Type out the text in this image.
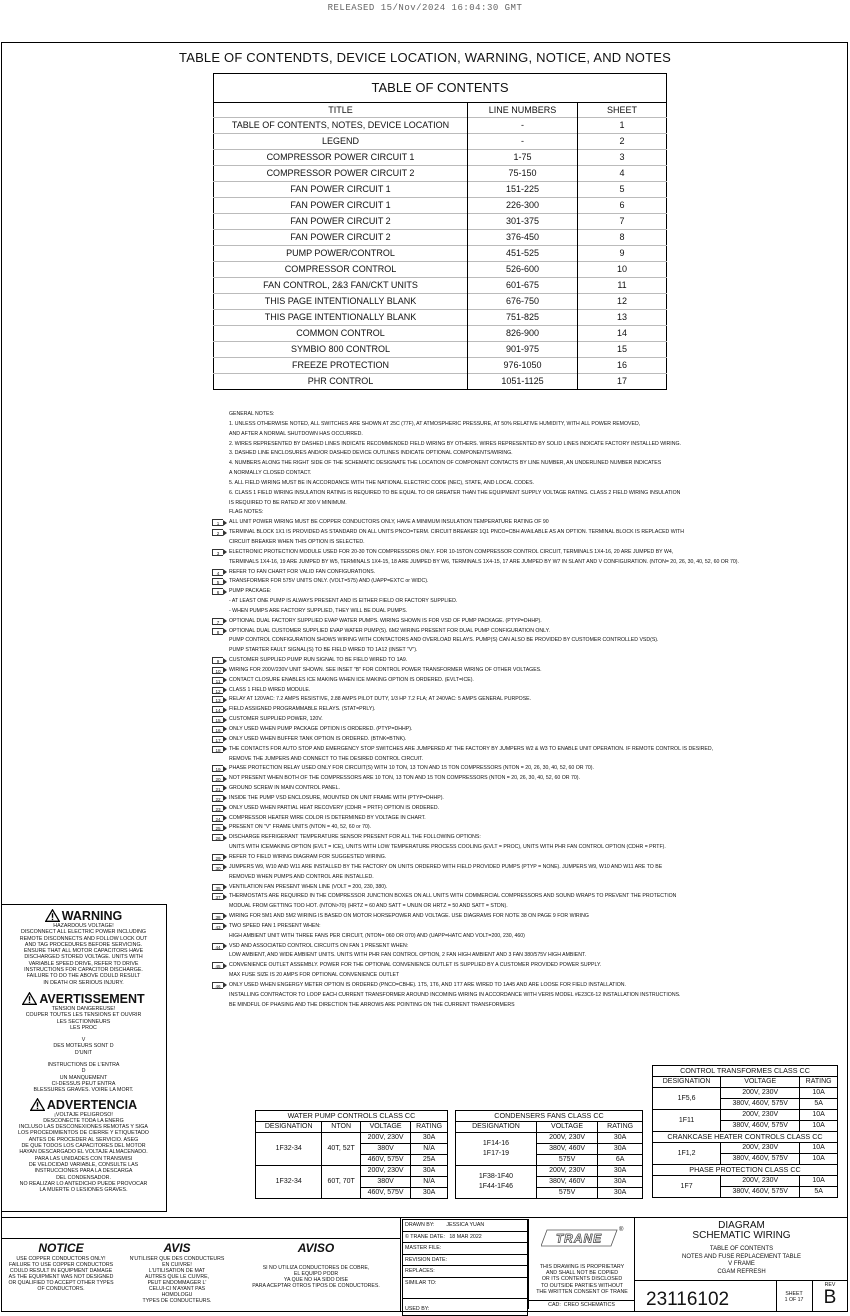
RELEASED 15/Nov/2024 16:04:30 GMT
TABLE OF CONTENDTS, DEVICE LOCATION, WARNING, NOTICE, AND NOTES
TABLE OF CONTENTS		
TITLE	LINE NUMBERS	SHEET
TABLE OF CONTENTS, NOTES, DEVICE LOCATION	-	1
LEGEND	-	2
COMPRESSOR POWER CIRCUIT 1	1-75	3
COMPRESSOR POWER CIRCUIT 2	75-150	4
FAN POWER CIRCUIT 1	151-225	5
FAN POWER CIRCUIT 1	226-300	6
FAN POWER CIRCUIT 2	301-375	7
FAN POWER CIRCUIT 2	376-450	8
PUMP POWER/CONTROL	451-525	9
COMPRESSOR CONTROL	526-600	10
FAN CONTROL, 2&3 FAN/CKT UNITS	601-675	11
THIS PAGE INTENTIONALLY BLANK	676-750	12
THIS PAGE INTENTIONALLY BLANK	751-825	13
COMMON CONTROL	826-900	14
SYMBIO 800 CONTROL	901-975	15
FREEZE PROTECTION	976-1050	16
PHR CONTROL	1051-1125	17
GENERAL NOTES:
1. UNLESS OTHERWISE NOTED, ALL SWITCHES ARE SHOWN AT 25C (77F), AT ATMOSPHERIC PRESSURE, AT 50% RELATIVE HUMIDITY, WITH ALL POWER REMOVED,
AND AFTER A NORMAL SHUTDOWN HAS OCCURRED.
2. WIRES REPRESENTED BY DASHED LINES INDICATE RECOMMENDED FIELD WIRING BY OTHERS. WIRES REPRESENTED BY SOLID LINES INDICATE FACTORY INSTALLED WIRING.
3. DASHED LINE ENCLOSURES AND/OR DASHED DEVICE OUTLINES INDICATE OPTIONAL COMPONENTS/WIRING.
4. NUMBERS ALONG THE RIGHT SIDE OF THE SCHEMATIC DESIGNATE THE LOCATION OF COMPONENT CONTACTS BY LINE NUMBER, AN UNDERLINED NUMBER INDICATES
A NORMALLY CLOSED CONTACT.
5. ALL FIELD WIRING MUST BE IN ACCORDANCE WITH THE NATIONAL ELECTRIC CODE (NEC), STATE, AND LOCAL CODES.
6. CLASS 1 FIELD WIRING INSULATION RATING IS REQUIRED TO BE EQUAL TO OR GREATER THAN THE EQUIPMENT SUPPLY VOLTAGE RATING. CLASS 2 FIELD WIRING INSULATION
IS REQUIRED TO BE RATED AT 300 V MINIMUM.
FLAG NOTES:
1	ALL UNIT POWER WIRING MUST BE COPPER CONDUCTORS ONLY, HAVE A MINIMUM INSULATION TEMPERATURE RATING OF 90
2	TERMINAL BLOCK 1X1 IS PROVIDED AS STANDARD ON ALL UNITS PNCO=TERM. CIRCUIT BREAKER 1Q1 PNCO=CBH AVAILABLE AS AN OPTION. TERMINAL BLOCK IS REPLACED WITH
CIRCUIT BREAKER WHEN THIS OPTION IS SELECTED.
3	ELECTRONIC PROTECTION MODULE USED FOR 20-30 TON COMPRESSORS ONLY. FOR 10-15TON COMPRESSOR CONTROL CIRCUIT, TERMINALS 1X4-16, 20 ARE JUMPED BY W4,
TERMINALS 1X4-16, 19 ARE JUMPED BY W5, TERMINALS 1X4-15, 18 ARE JUMPED BY W6, TERMINALS 1X4-15, 17 ARE JUMPED BY W7 IN SLANT AND V CONFIGURATION. (NTON= 20, 26, 30, 40, 52, 60 OR 70).
4	REFER TO FAN CHART FOR VALID FAN CONFIGURATIONS.
5	TRANSFORMER FOR 575V UNITS ONLY. (VOLT=575) AND (UAPP=EXTC or WIDC).
6	PUMP PACKAGE:
- AT LEAST ONE PUMP IS ALWAYS PRESENT AND IS EITHER FIELD OR FACTORY SUPPLIED.
- WHEN PUMPS ARE FACTORY SUPPLIED, THEY WILL BE DUAL PUMPS.
7	OPTIONAL DUAL FACTORY SUPPLIED EVAP WATER PUMPS. WIRING SHOWN IS FOR VSD OF PUMP PACKAGE. (PTYP=DHHP).
8	OPTIONAL DUAL CUSTOMER SUPPLIED EVAP WATER PUMP(S). 6M2 WIRING PRESENT FOR DUAL PUMP CONFIGURATION ONLY.
PUMP CONTROL CONFIGURATION SHOWS WIRING WITH CONTACTORS AND OVERLOAD RELAYS. PUMP(S) CAN ALSO BE PROVIDED BY CUSTOMER CONTROLLED VSD(S).
PUMP STARTER FAULT SIGNAL(S) TO BE FIELD WIRED TO 1A12 (INSET "V").
9	CUSTOMER SUPPLIED PUMP RUN SIGNAL TO BE FIELD WIRED TO 1A9.
10	WIRING FOR 200V/230V UNIT SHOWN. SEE INSET "B" FOR CONTROL POWER TRANSFORMER WIRING OF OTHER VOLTAGES.
11	CONTACT CLOSURE ENABLES ICE MAKING WHEN ICE MAKING OPTION IS ORDERED. (EVLT=ICE).
12	CLASS 1 FIELD WIRED MODULE.
13	RELAY AT 120VAC: 7.2 AMPS RESISTIVE, 2.88 AMPS PILOT DUTY, 1/3 HP 7.2 FLA; AT 240VAC: 5 AMPS GENERAL PURPOSE.
14	FIELD ASSIGNED PROGRAMMABLE RELAYS. (STAT=PRLY).
15	CUSTOMER SUPPLIED POWER, 120V.
16	ONLY USED WHEN PUMP PACKAGE OPTION IS ORDERED. (PTYP=DHHP).
17	ONLY USED WHEN BUFFER TANK OPTION IS ORDERED. (BTNK=BTNK).
18	THE CONTACTS FOR AUTO STOP AND EMERGENCY STOP SWITCHES ARE JUMPERED AT THE FACTORY BY JUMPERS W2 & W3 TO ENABLE UNIT OPERATION. IF REMOTE CONTROL IS DESIRED,
REMOVE THE JUMPERS AND CONNECT TO THE DESIRED CONTROL CIRCUIT.
19	PHASE PROTECTION RELAY USED ONLY FOR CIRCUIT(S) WITH 10 TON, 13 TON AND 15 TON COMPRESSORS (NTON = 20, 26, 30, 40, 52, 60 OR 70).
20	NOT PRESENT WHEN BOTH OF THE COMPRESSORS ARE 10 TON, 13 TON AND 15 TON COMPRESSORS (NTON = 20, 26, 30, 40, 52, 60 OR 70).
21	GROUND SCREW IN MAIN CONTROL PANEL.
22	INSIDE THE PUMP VSD ENCLOSURE, MOUNTED ON UNIT FRAME WITH (PTYP=DHHP).
23	ONLY USED WHEN PARTIAL HEAT RECOVERY (CDHR = PRTF) OPTION IS ORDERED.
24	COMPRESSOR HEATER WIRE COLOR IS DETERMINED BY VOLTAGE IN CHART.
25	PRESENT ON "V" FRAME UNITS (NTON = 40, 52, 60 or 70).
26	DISCHARGE REFRIGERANT TEMPERATURE SENSOR PRESENT FOR ALL THE FOLLOWING OPTIONS:
UNITS WITH ICEMAKING OPTION (EVLT = ICE), UNITS WITH LOW TEMPERATURE PROCESS COOLING (EVLT = PROC), UNITS WITH PHR FAN CONTROL OPTION (CDHR = PRTF).
29	REFER TO FIELD WIRING DIAGRAM FOR SUGGESTED WIRING.
30	JUMPERS W9, W10 AND W11 ARE INSTALLED BY THE FACTORY ON UNITS ORDERED WITH FIELD PROVIDED PUMPS (PTYP = NONE). JUMPERS W9, W10 AND W11 ARE TO BE
REMOVED WHEN PUMPS AND CONTROL ARE INSTALLED.
35	VENTILATION FAN PRESENT WHEN LINE (VOLT = 200, 230, 380).
37	THERMOSTATS ARE REQUIRED IN THE COMPRESSOR JUNCTION BOXES ON ALL UNITS WITH COMMERCIAL COMPRESSORS AND SOUND WRAPS TO PREVENT THE PROTECTION
MODUAL FROM GETTING TOO HOT. (NTON>70) (HRTZ = 60 AND SATT = UNUN OR HRTZ = 50 AND SATT = STDN).
38	WIRING FOR 5M1 AND 5M2 WIRING IS BASED ON MOTOR HORSEPOWER AND VOLTAGE. USE DIAGRAMS FOR NOTE 38 ON PAGE 9 FOR WIRING
43	TWO SPEED FAN 1 PRESENT WHEN:
HIGH AMBIENT UNIT WITH THREE FANS PER CIRCUIT, (NTON= 060 OR 070) AND (UAPP=HATC AND VOLT=200, 230, 460)
44	VSD AND ASSOCIATED CONTROL CIRCUITS ON FAN 1 PRESENT WHEN:
LOW AMBIENT, AND WIDE AMBIENT UNITS. UNITS WITH PHR FAN CONTROL OPTION, 2 FAN HIGH AMBIENT AND 3 FAN 380/575V HIGH AMBIENT.
45	CONVENIENCE OUTLET ASSEMBLY. POWER FOR THE OPTIONAL CONVENIENCE OUTLET IS SUPPLIED BY A CUSTOMER PROVIDED POWER SUPPLY.
MAX FUSE SIZE IS 20 AMPS FOR OPTIONAL CONVENIENCE OUTLET
46	ONLY USED WHEN ENGERGY METER OPTION IS ORDERED (PNCO=CBHE). 1T5, 1T6, AND 1T7 ARE WIRED TO 1A45 AND ARE LOOSE FOR FIELD INSTALLATION.
INSTALLING CONTRACTOR TO LOOP EACH CURRENT TRANSFORMER AROUND INCOMING WIRING IN ACCORDANCE WITH VERIS MODEL #E23C6-12 INSTALLATION INSTRUCTIONS.
BE MINDFUL OF PHASING AND THE DIRECTION THE ARROWS ARE POINTING ON THE CURRENT TRANSFORMERS
WARNING
HAZARDOUS VOLTAGE!
DISCONNECT ALL ELECTRIC POWER INCLUDING
REMOTE DISCONNECTS AND FOLLOW LOCK OUT
AND TAG PROCEDURES BEFORE SERVICING.
ENSURE THAT ALL MOTOR CAPACITORS HAVE
DISCHARGED STORED VOLTAGE. UNITS WITH
VARIABLE SPEED DRIVE, REFER TO DRIVE
INSTRUCTIONS FOR CAPACITOR DISCHARGE.
FAILURE TO DO THE ABOVE COULD RESULT
IN DEATH OR SERIOUS INJURY.
AVERTISSEMENT
TENSION DANGEREUSE!
COUPER TOUTES LES TENSIONS ET OUVRIR
LES SECTIONNEURS
LES PROC
V
DES MOTEURS SONT D
D'UNIT
INSTRUCTIONS DE L'ENTRA
D
UN MANQUEMENT
CI-DESSUS PEUT ENTRA
BLESSURES GRAVES. VOIRE LA MORT.
ADVERTENCIA
¡VOLTAJE PELIGROSO!
DESCONECTE TODA LA ENERG
INCLUSO LAS DESCONEXIONES REMOTAS Y SIGA
LOS PROCEDIMIENTOS DE CIERRE Y ETIQUETADO
ANTES DE PROCEDER AL SERVICIO. ASEG
DE QUE TODOS LOS CAPACITORES DEL MOTOR
HAYAN DESCARGADO EL VOLTAJE ALMACENADO.
PARA LAS UNIDADES CON TRANSMISI
DE VELOCIDAD VARIABLE, CONSULTE LAS
INSTRUCCIONES PARA LA DESCARGA
DEL CONDENSADOR.
NO REALIZAR LO ANTEDICHO PUEDE PROVOCAR
LA MUERTE O LESIONES GRAVES.
WATER PUMP CONTROLS CLASS CC			
DESIGNATION	NTON	VOLTAGE	RATING
1F32-34	40T, 52T	200V, 230V	30A
		380V	N/A
		460V, 575V	25A
1F32-34	60T, 70T	200V, 230V	30A
		380V	N/A
		460V, 575V	30A
CONDENSERS FANS CLASS CC		
DESIGNATION	VOLTAGE	RATING

1F14-16
1F17-19	200V, 230V	30A
	380V, 460V	30A
	575V	6A

1F38-1F40
1F44-1F46	200V, 230V	30A
	380V, 460V	30A
	575V	30A
CONTROL TRANSFORMES CLASS CC		
DESIGNATION	VOLTAGE	RATING
1F5,6	200V, 230V	10A
	380V, 460V, 575V	5A
1F11	200V, 230V	10A
	380V, 460V, 575V	10A
CRANKCASE HEATER CONTROLS CLASS CC		
1F1,2	200V, 230V	10A
	380V, 460V, 575V	10A
PHASE PROTECTION CLASS CC		
1F7	200V, 230V	10A
	380V, 460V, 575V	5A
NOTICE
USE COPPER CONDUCTORS ONLY!
FAILURE TO USE COPPER CONDUCTORS
COULD RESULT IN EQUIPMENT DAMAGE
AS THE EQUIPMENT WAS NOT DESIGNED
OR QUALIFIED TO ACCEPT OTHER TYPES
OF CONDUCTORS.
AVIS
N'UTILISER QUE DES CONDUCTEURS
EN CUIVRE!
L'UTILISATION DE MAT
AUTRES QUE LE CUIVRE,
PEUT ENDOMMAGER L'
CELUI-CI N'AYANT PAS
HOMOLOGU
TYPES DE CONDUCTEURS.
AVISO
SI NO UTILIZA CONDUCTORES DE COBRE,
EL EQUIPO PODR
YA QUE NO HA SIDO DISE
PARA ACEPTAR OTROS TIPOS DE CONDUCTORES.
DRAWN BY: JESSICA YUAN
© TRANE DATE: 18 MAR 2022
MASTER FILE:
REVISION DATE:
REPLACES:
SIMILAR TO:
USED BY:
TRANE
®
THIS DRAWING IS PROPRIETARY
AND SHALL NOT BE COPIED
OR ITS CONTENTS DISCLOSED
TO OUTSIDE PARTIES WITHOUT
THE WRITTEN CONSENT OF TRANE
CAD: CREO SCHEMATICS
DIAGRAM
SCHEMATIC WIRING
TABLE OF CONTENTS
NOTES AND FUSE REPLACEMENT TABLE
V FRAME
CGAM REFRESH
23116102	SHEET
1 OF 17
REV
B
